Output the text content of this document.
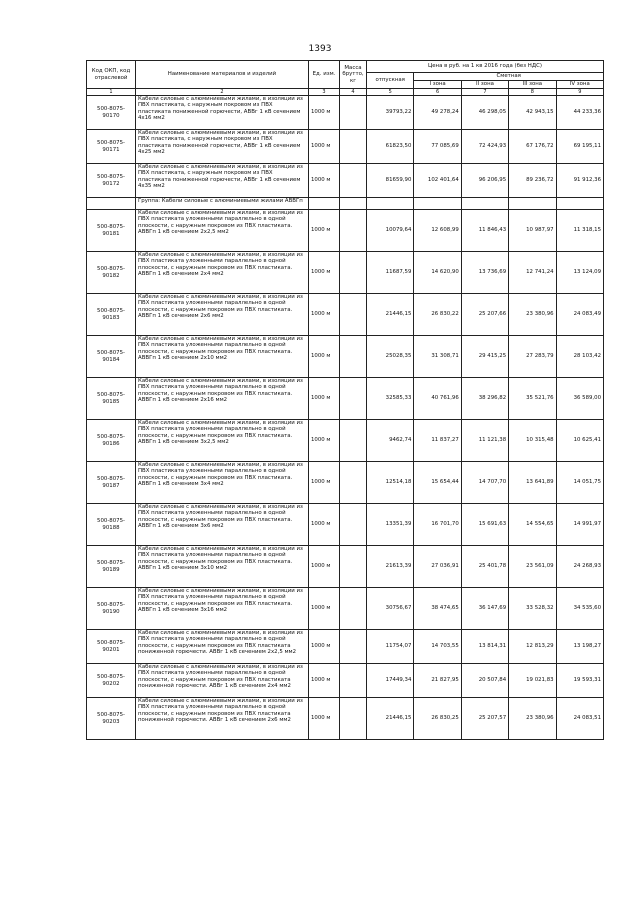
1393
Код ОКП, код отраслевой	Наименование материалов и изделий	Ед. изм.	Масса брутто, кг	Цена в руб. на 1 кв 2016 года (без НДС)				
				отпускная	Сметная			
					I зона	II зона	III зона	IV зона
1	2	3	4	5	6	7	8	9
500-8075-90170	Кабели силовые с алюминиевыми жилами, в изоляции из ПВХ пластиката, с наружным покровом из ПВХ пластиката пониженной горючести, АВВг 1 кВ сечением 4х16 мм2	1000 м		39793,22	49 278,24	46 298,05	42 943,15	44 233,36
500-8075-90171	Кабели силовые с алюминиевыми жилами, в изоляции из ПВХ пластиката, с наружным покровом из ПВХ пластиката пониженной горючести, АВВг 1 кВ сечением 4х25 мм2	1000 м		61823,50	77 085,69	72 424,93	67 176,72	69 195,11
500-8075-90172	Кабели силовые с алюминиевыми жилами, в изоляции из ПВХ пластиката, с наружным покровом из ПВХ пластиката пониженной горючести, АВВг 1 кВ сечением 4х35 мм2	1000 м		81659,90	102 401,64	96 206,95	89 236,72	91 912,36
	Группа: Кабели силовые с алюминиевыми жилами АВВГп							
500-8075-90181	Кабели силовые с алюминиевыми жилами, в изоляции из ПВХ пластиката уложенными параллельно в одной плоскости, с наружным покровом из ПВХ пластиката. АВВГп 1 кВ сечением 2х2,5 мм2	1000 м		10079,64	12 608,99	11 846,43	10 987,97	11 318,15
500-8075-90182	Кабели силовые с алюминиевыми жилами, в изоляции из ПВХ пластиката уложенными параллельно в одной плоскости, с наружным покровом из ПВХ пластиката. АВВГп 1 кВ сечением 2х4 мм2	1000 м		11687,59	14 620,90	13 736,69	12 741,24	13 124,09
500-8075-90183	Кабели силовые с алюминиевыми жилами, в изоляции из ПВХ пластиката уложенными параллельно в одной плоскости, с наружным покровом из ПВХ пластиката. АВВГп 1 кВ сечением 2х6 мм2	1000 м		21446,15	26 830,22	25 207,66	23 380,96	24 083,49
500-8075-90184	Кабели силовые с алюминиевыми жилами, в изоляции из ПВХ пластиката уложенными параллельно в одной плоскости, с наружным покровом из ПВХ пластиката. АВВГп 1 кВ сечением 2х10 мм2	1000 м		25028,35	31 308,71	29 415,25	27 283,79	28 103,42
500-8075-90185	Кабели силовые с алюминиевыми жилами, в изоляции из ПВХ пластиката уложенными параллельно в одной плоскости, с наружным покровом из ПВХ пластиката. АВВГп 1 кВ сечением 2х16 мм2	1000 м		32585,33	40 761,96	38 296,82	35 521,76	36 589,00
500-8075-90186	Кабели силовые с алюминиевыми жилами, в изоляции из ПВХ пластиката уложенными параллельно в одной плоскости, с наружным покровом из ПВХ пластиката. АВВГп 1 кВ сечением 3х2,5 мм2	1000 м		9462,74	11 837,27	11 121,38	10 315,48	10 625,41
500-8075-90187	Кабели силовые с алюминиевыми жилами, в изоляции из ПВХ пластиката уложенными параллельно в одной плоскости, с наружным покровом из ПВХ пластиката. АВВГп 1 кВ сечением 3х4 мм2	1000 м		12514,18	15 654,44	14 707,70	13 641,89	14 051,75
500-8075-90188	Кабели силовые с алюминиевыми жилами, в изоляции из ПВХ пластиката уложенными параллельно в одной плоскости, с наружным покровом из ПВХ пластиката. АВВГп 1 кВ сечением 3х6 мм2	1000 м		13351,39	16 701,70	15 691,63	14 554,65	14 991,97
500-8075-90189	Кабели силовые с алюминиевыми жилами, в изоляции из ПВХ пластиката уложенными параллельно в одной плоскости, с наружным покровом из ПВХ пластиката. АВВГп 1 кВ сечением 3х10 мм2	1000 м		21613,39	27 036,91	25 401,78	23 561,09	24 268,93
500-8075-90190	Кабели силовые с алюминиевыми жилами, в изоляции из ПВХ пластиката уложенными параллельно в одной плоскости, с наружным покровом из ПВХ пластиката. АВВГп 1 кВ сечением 3х16 мм2	1000 м		30756,67	38 474,65	36 147,69	33 528,32	34 535,60
500-8075-90201	Кабели силовые с алюминиевыми жилами, в изоляции из ПВХ пластиката уложенными параллельно в одной плоскости, с наружным покровом из ПВХ пластиката пониженной горючести. АВВг 1 кВ сечением 2х2,5 мм2	1000 м		11754,07	14 703,55	13 814,31	12 813,29	13 198,27
500-8075-90202	Кабели силовые с алюминиевыми жилами, в изоляции из ПВХ пластиката уложенными параллельно в одной плоскости, с наружным покровом из ПВХ пластиката пониженной горючести. АВВг 1 кВ сечением 2х4 мм2	1000 м		17449,34	21 827,95	20 507,84	19 021,83	19 593,31
500-8075-90203	Кабели силовые с алюминиевыми жилами, в изоляции из ПВХ пластиката уложенными параллельно в одной плоскости, с наружным покровом из ПВХ пластиката пониженной горючести. АВВг 1 кВ сечением 2х6 мм2	1000 м		21446,15	26 830,25	25 207,57	23 380,96	24 083,51
